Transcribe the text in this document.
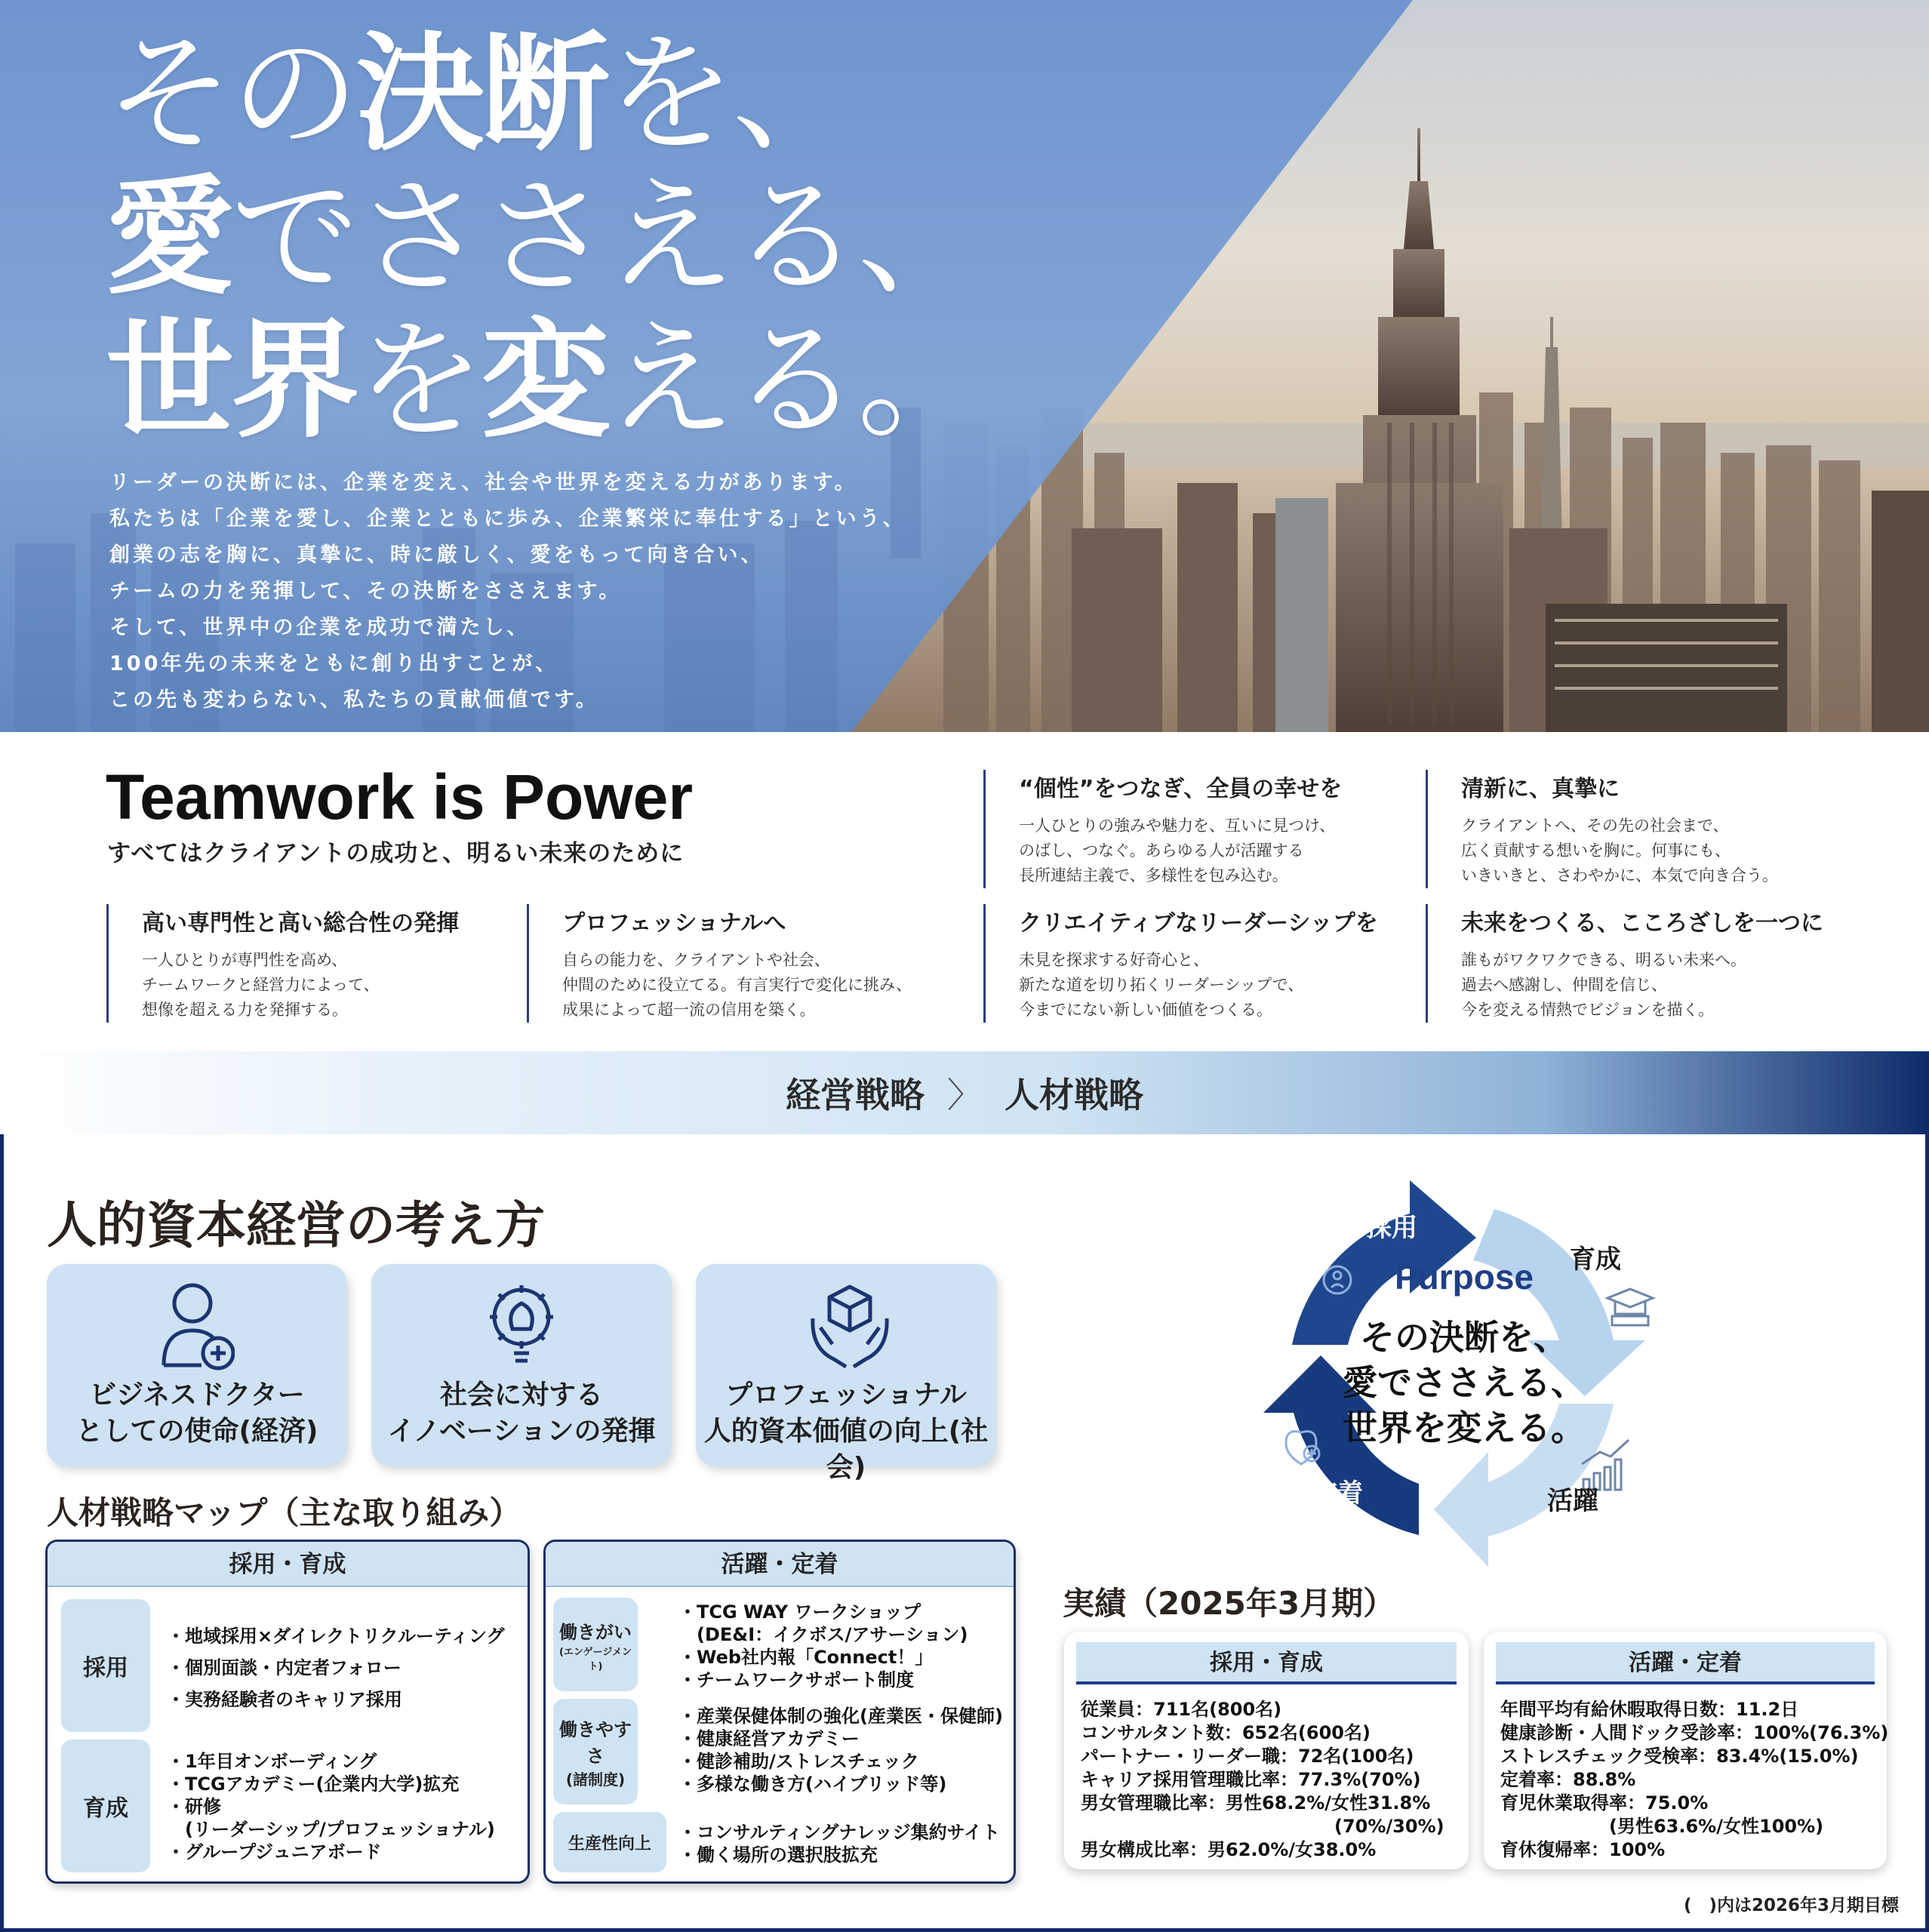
その決断を、
愛でささえる、
世界を変える。
リーダーの決断には、企業を変え、社会や世界を変える力があります。
私たちは「企業を愛し、企業とともに歩み、企業繁栄に奉仕する」という、
創業の志を胸に、真摯に、時に厳しく、愛をもって向き合い、
チームの力を発揮して、その決断をささえます。
そして、世界中の企業を成功で満たし、
100年先の未来をともに創り出すことが、
この先も変わらない、私たちの貢献価値です。
Teamwork is Power
すべてはクライアントの成功と、明るい未来のために
“個性”をつなぎ、全員の幸せを
一人ひとりの強みや魅力を、互いに見つけ、
のばし、つなぐ。あらゆる人が活躍する
長所連結主義で、多様性を包み込む。
清新に、真摯に
クライアントへ、その先の社会まで、
広く貢献する想いを胸に。何事にも、
いきいきと、さわやかに、本気で向き合う。
高い専門性と高い総合性の発揮
一人ひとりが専門性を高め、
チームワークと経営力によって、
想像を超える力を発揮する。
プロフェッショナルへ
自らの能力を、クライアントや社会、
仲間のために役立てる。有言実行で変化に挑み、
成果によって超一流の信用を築く。
クリエイティブなリーダーシップを
未見を探求する好奇心と、
新たな道を切り拓くリーダーシップで、
今までにない新しい価値をつくる。
未来をつくる、こころざしを一つに
誰もがワクワクできる、明るい未来へ。
過去へ感謝し、仲間を信じ、
今を変える情熱でビジョンを描く。
経営戦略 〉 人材戦略
人的資本経営の考え方
ビジネスドクター
としての使命(経済)
社会に対する
イノベーションの発揮
プロフェッショナル
人的資本価値の向上(社会)
人材戦略マップ（主な取り組み）
採用・育成
採用
・地域採用×ダイレクトリクルーティング
・個別面談・内定者フォロー
・実務経験者のキャリア採用
育成
・1年目オンボーディング
・TCGアカデミー(企業内大学)拡充
・研修
　(リーダーシップ/プロフェッショナル)
・グループジュニアボード
活躍・定着
働きがい
(エンゲージメント)
・TCG WAY ワークショップ
　(DE&I：イクボス/アサーション)
・Web社内報「Connect！」
・チームワークサポート制度
働きやすさ
(諸制度)
・産業保健体制の強化(産業医・保健師)
・健康経営アカデミー
・健診補助/ストレスチェック
・多様な働き方(ハイブリッド等)
生産性向上
・コンサルティングナレッジ集約サイト
・働く場所の選択肢拡充
採用
育成
活躍
定着
Purpose
その決断を、
愛でささえる、
世界を変える。
実績（2025年3月期）
採用・育成
従業員：711名(800名)
コンサルタント数：652名(600名)
パートナー・リーダー職：72名(100名)
キャリア採用管理職比率：77.3%(70%)
男女管理職比率：男性68.2%/女性31.8%
　　　　　　　　　　　　　　(70%/30%)
男女構成比率：男62.0%/女38.0%
活躍・定着
年間平均有給休暇取得日数：11.2日
健康診断・人間ドック受診率：100%(76.3%)
ストレスチェック受検率：83.4%(15.0%)
定着率：88.8%
育児休業取得率：75.0%
　　　　　　(男性63.6%/女性100%)
育休復帰率：100%
(　)内は2026年3月期目標
